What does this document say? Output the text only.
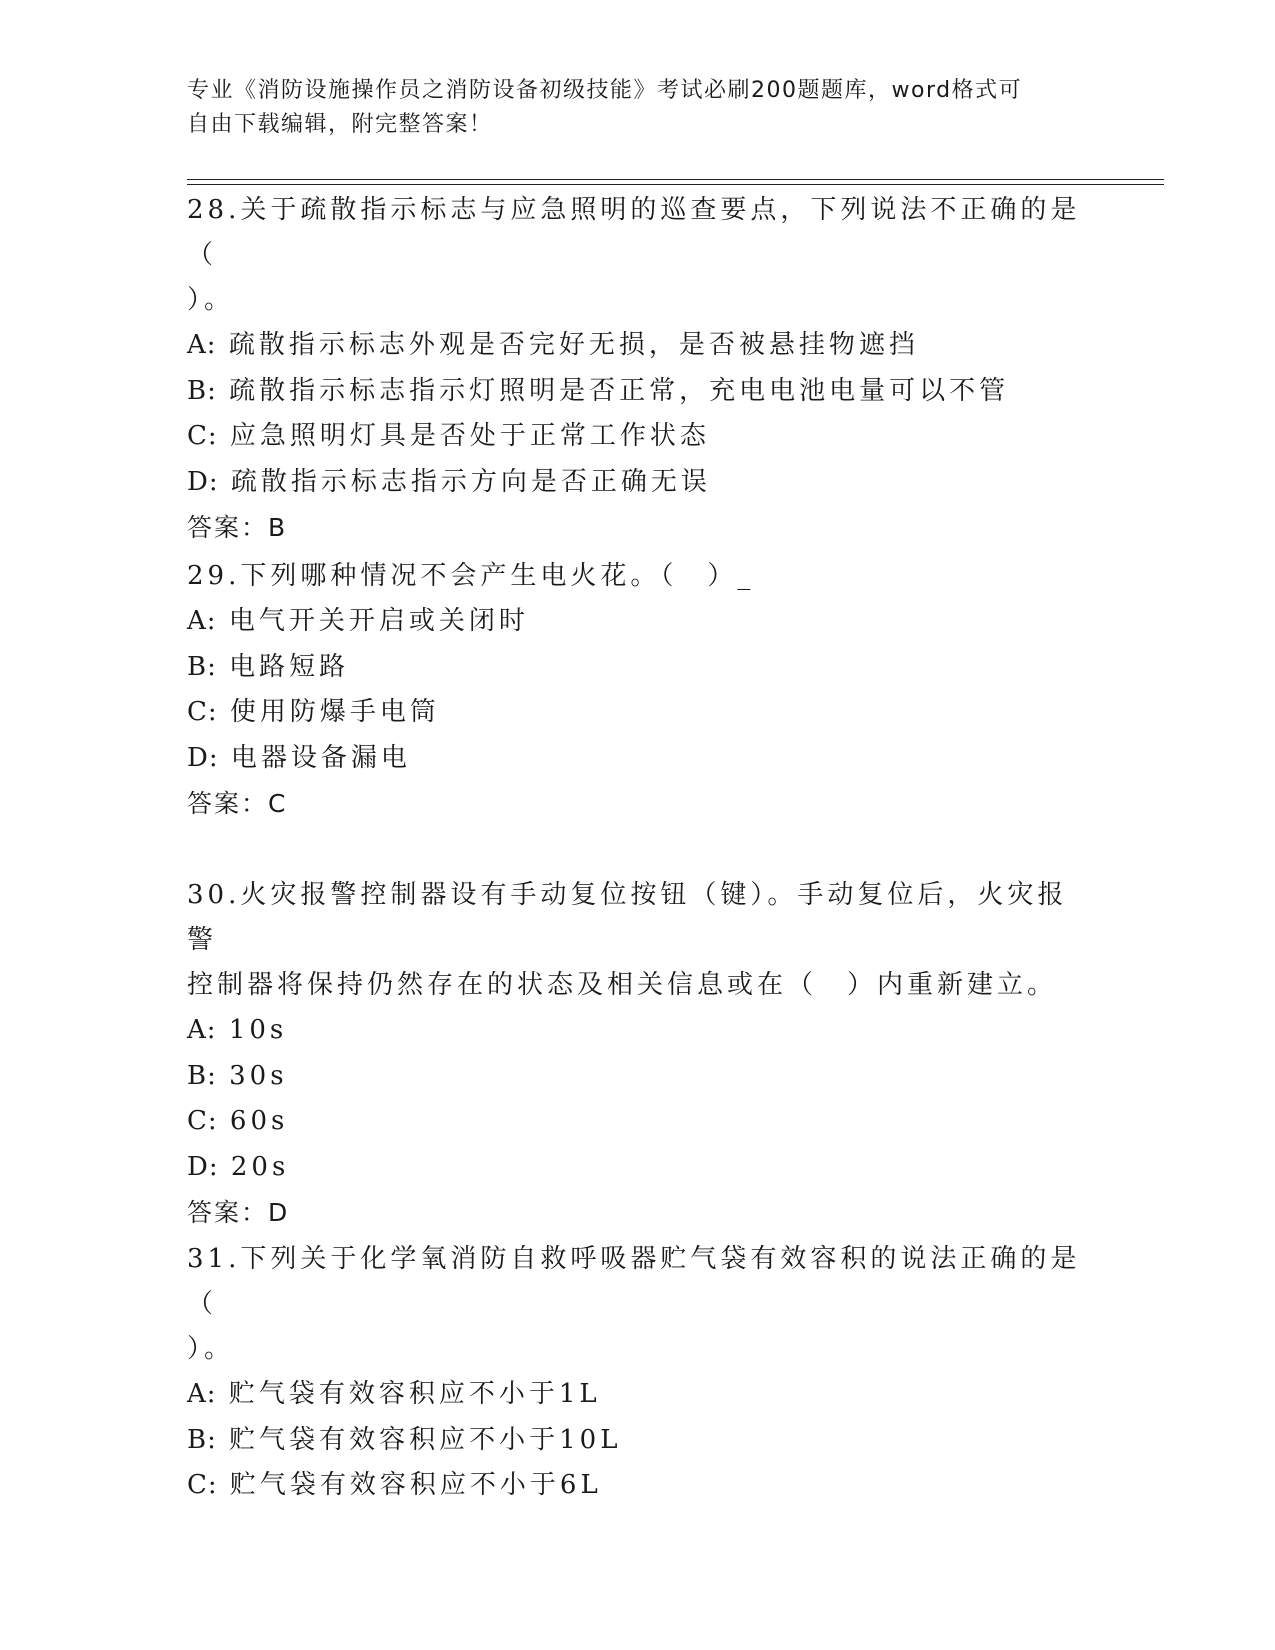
专业《消防设施操作员之消防设备初级技能》考试必刷200题题库，word格式可
自由下载编辑，附完整答案！

28.关于疏散指示标志与应急照明的巡查要点，下列说法不正确的是（

）。

A: 疏散指示标志外观是否完好无损，是否被悬挂物遮挡

B: 疏散指示标志指示灯照明是否正常，充电电池电量可以不管

C: 应急照明灯具是否处于正常工作状态

D: 疏散指示标志指示方向是否正确无误

答案：B

29.下列哪种情况不会产生电火花。（　）_

A: 电气开关开启或关闭时

B: 电路短路

C: 使用防爆手电筒

D: 电器设备漏电

答案：C

30.火灾报警控制器设有手动复位按钮（键）。手动复位后，火灾报警

控制器将保持仍然存在的状态及相关信息或在（　）内重新建立。

A: 10s

B: 30s

C: 60s

D: 20s

答案：D

31.下列关于化学氧消防自救呼吸器贮气袋有效容积的说法正确的是（

）。

A: 贮气袋有效容积应不小于1L

B: 贮气袋有效容积应不小于10L

C: 贮气袋有效容积应不小于6L
